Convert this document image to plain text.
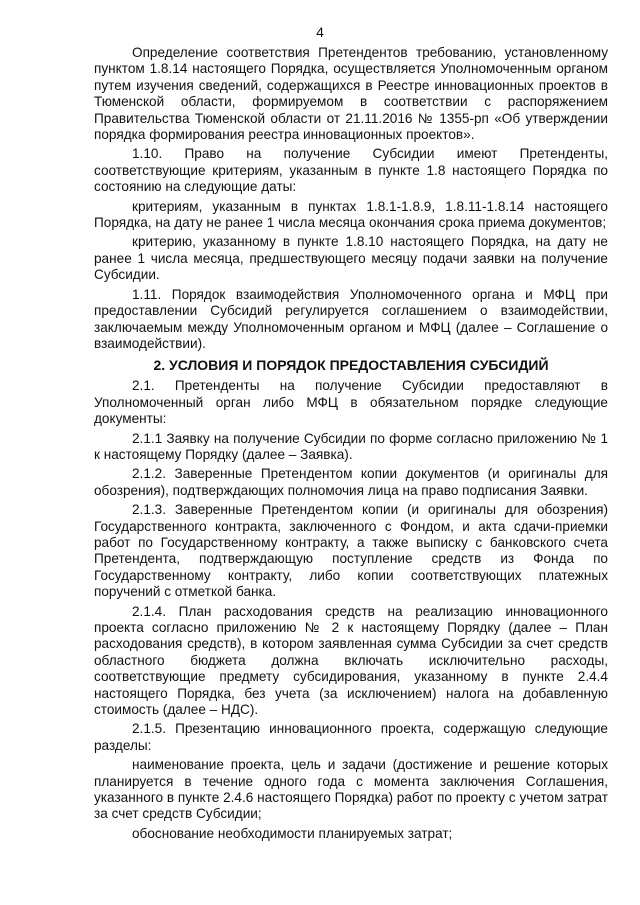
4

Определение соответствия Претендентов требованию, установленному пунктом 1.8.14 настоящего Порядка, осуществляется Уполномоченным органом путем изучения сведений, содержащихся в Реестре инновационных проектов в Тюменской области, формируемом в соответствии с распоряжением Правительства Тюменской области от 21.11.2016 № 1355-рп «Об утверждении порядка формирования реестра инновационных проектов».

1.10. Право на получение Субсидии имеют Претенденты, соответствующие критериям, указанным в пункте 1.8 настоящего Порядка по состоянию на следующие даты:

критериям, указанным в пунктах 1.8.1-1.8.9, 1.8.11-1.8.14 настоящего Порядка, на дату не ранее 1 числа месяца окончания срока приема документов;

критерию, указанному в пункте 1.8.10 настоящего Порядка, на дату не ранее 1 числа месяца, предшествующего месяцу подачи заявки на получение Субсидии.

1.11. Порядок взаимодействия Уполномоченного органа и МФЦ при предоставлении Субсидий регулируется соглашением о взаимодействии, заключаемым между Уполномоченным органом и МФЦ (далее – Соглашение о взаимодействии).

2. УСЛОВИЯ И ПОРЯДОК ПРЕДОСТАВЛЕНИЯ СУБСИДИЙ

2.1. Претенденты на получение Субсидии предоставляют в Уполномоченный орган либо МФЦ в обязательном порядке следующие документы:

2.1.1 Заявку на получение Субсидии по форме согласно приложению № 1 к настоящему Порядку (далее – Заявка).

2.1.2. Заверенные Претендентом копии документов (и оригиналы для обозрения), подтверждающих полномочия лица на право подписания Заявки.

2.1.3. Заверенные Претендентом копии (и оригиналы для обозрения) Государственного контракта, заключенного с Фондом, и акта сдачи-приемки работ по Государственному контракту, а также выписку с банковского счета Претендента, подтверждающую поступление средств из Фонда по Государственному контракту, либо копии соответствующих платежных поручений с отметкой банка.

2.1.4. План расходования средств на реализацию инновационного проекта согласно приложению № 2 к настоящему Порядку (далее – План расходования средств), в котором заявленная сумма Субсидии за счет средств областного бюджета должна включать исключительно расходы, соответствующие предмету субсидирования, указанному в пункте 2.4.4 настоящего Порядка, без учета (за исключением) налога на добавленную стоимость (далее – НДС).

2.1.5. Презентацию инновационного проекта, содержащую следующие разделы:

наименование проекта, цель и задачи (достижение и решение которых планируется в течение одного года с момента заключения Соглашения, указанного в пункте 2.4.6 настоящего Порядка) работ по проекту с учетом затрат за счет средств Субсидии;

обоснование необходимости планируемых затрат;
